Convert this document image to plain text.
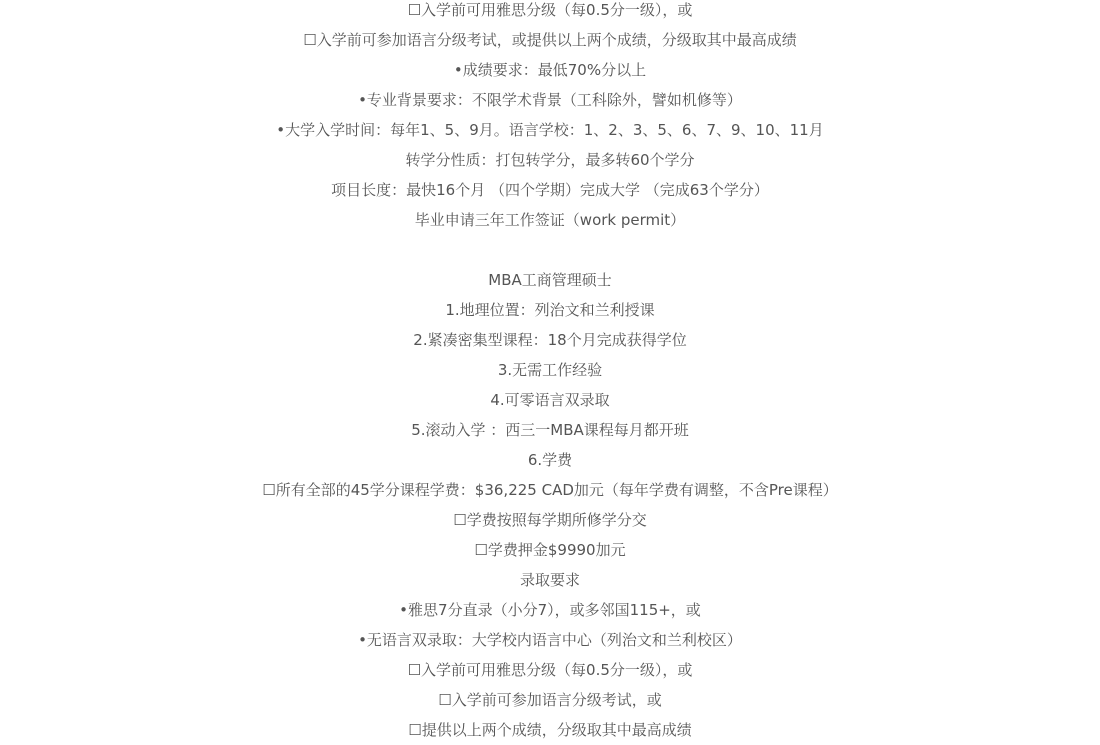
☐入学前可用雅思分级（每0.5分一级），或
☐入学前可参加语言分级考试，或提供以上两个成绩，分级取其中最高成绩
•成绩要求：最低70%分以上
•专业背景要求：不限学术背景（工科除外，譬如机修等）
•大学入学时间：每年1、5、9月。语言学校：1、2、3、5、6、7、9、10、11月
转学分性质：打包转学分，最多转60个学分
项目长度：最快16个月 （四个学期）完成大学 （完成63个学分）
毕业申请三年工作签证（work permit）
MBA工商管理硕士
1.地理位置：列治文和兰利授课
2.紧凑密集型课程：18个月完成获得学位
3.无需工作经验
4.可零语言双录取
5.滚动入学 ：西三一MBA课程每月都开班
6.学费
☐所有全部的45学分课程学费：$36,225 CAD加元（每年学费有调整，不含Pre课程）
☐学费按照每学期所修学分交
☐学费押金$9990加元
录取要求
•雅思7分直录（小分7），或多邻国115+，或
•无语言双录取：大学校内语言中心（列治文和兰利校区）
☐入学前可用雅思分级（每0.5分一级），或
☐入学前可参加语言分级考试，或
☐提供以上两个成绩，分级取其中最高成绩
